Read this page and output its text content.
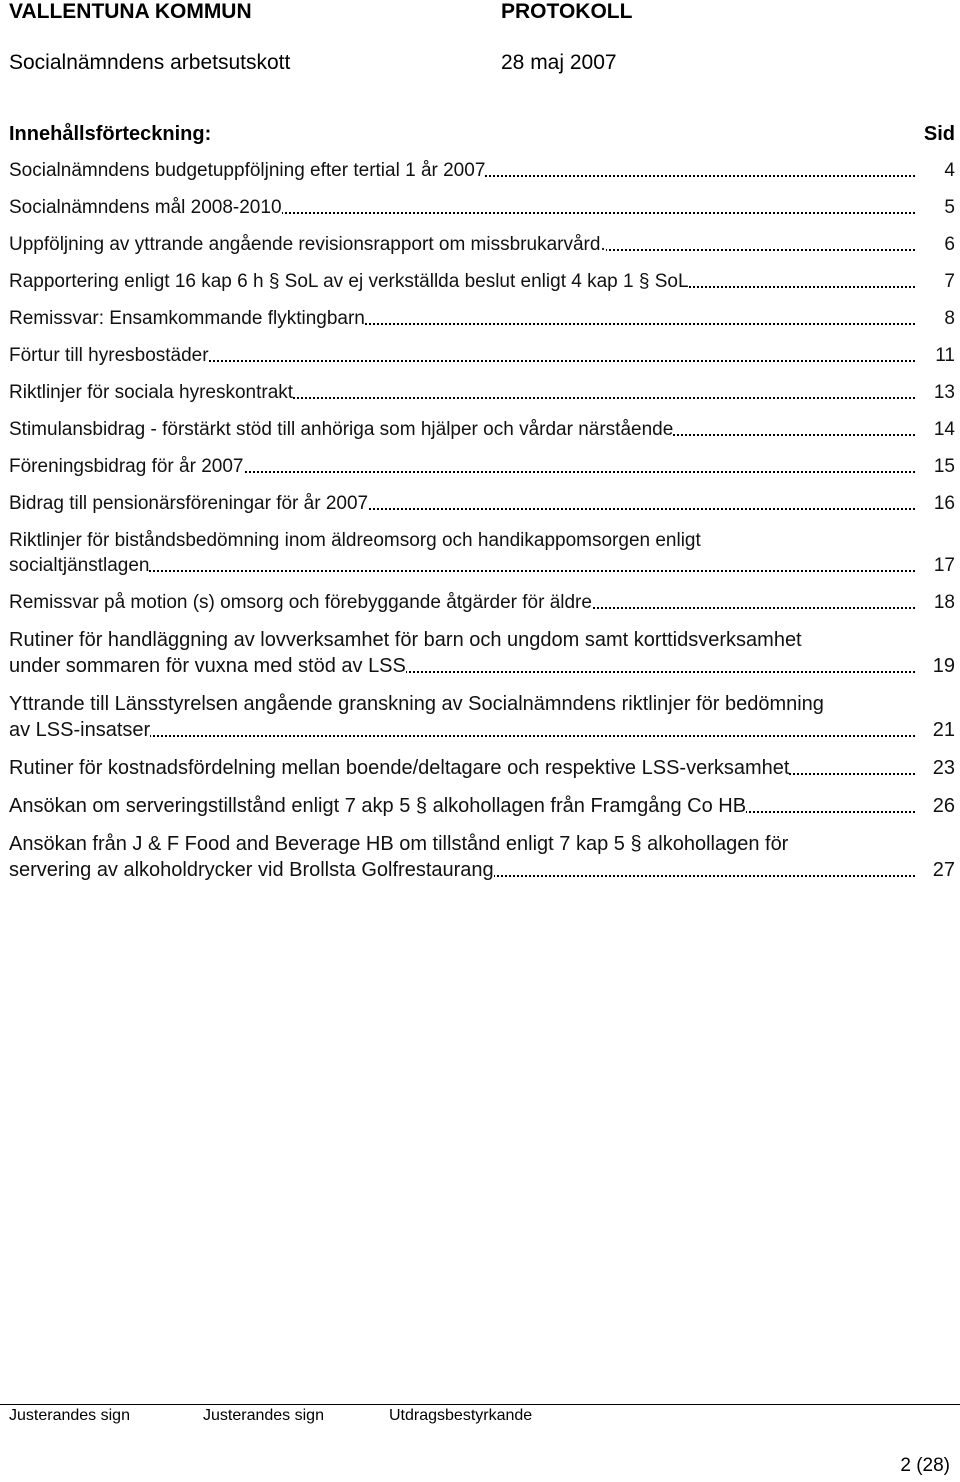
VALLENTUNA KOMMUN	PROTOKOLL
Socialnämndens arbetsutskott	28 maj 2007
Innehållsförteckning:	Sid
Socialnämndens budgetuppföljning efter tertial 1 år 2007	4
Socialnämndens mål 2008-2010	5
Uppföljning av yttrande angående revisionsrapport om missbrukarvård.	6
Rapportering enligt 16 kap 6 h § SoL av ej verkställda beslut enligt 4 kap 1 § SoL	7
Remissvar: Ensamkommande flyktingbarn	8
Förtur till hyresbostäder	11
Riktlinjer för sociala hyreskontrakt	13
Stimulansbidrag - förstärkt stöd till anhöriga som hjälper och vårdar närstående	14
Föreningsbidrag för år 2007	15
Bidrag till pensionärsföreningar för år 2007	16
Riktlinjer för biståndsbedömning inom äldreomsorg och handikappomsorgen enligt
socialtjänstlagen	17
Remissvar på motion (s) omsorg och förebyggande åtgärder för äldre	18
Rutiner för handläggning av lovverksamhet för barn och ungdom samt korttidsverksamhet
under sommaren för vuxna med stöd av LSS	19
Yttrande till Länsstyrelsen angående granskning av Socialnämndens riktlinjer för bedömning
av LSS-insatser	21
Rutiner för kostnadsfördelning mellan boende/deltagare och respektive LSS-verksamhet	23
Ansökan om serveringstillstånd enligt 7 akp 5 § alkohollagen från Framgång Co HB	26
Ansökan från J & F Food and Beverage HB om tillstånd enligt 7 kap 5 § alkohollagen för
servering av alkoholdrycker vid Brollsta Golfrestaurang	27
Justerandes sign	Justerandes sign	Utdragsbestyrkande
2 (28)
